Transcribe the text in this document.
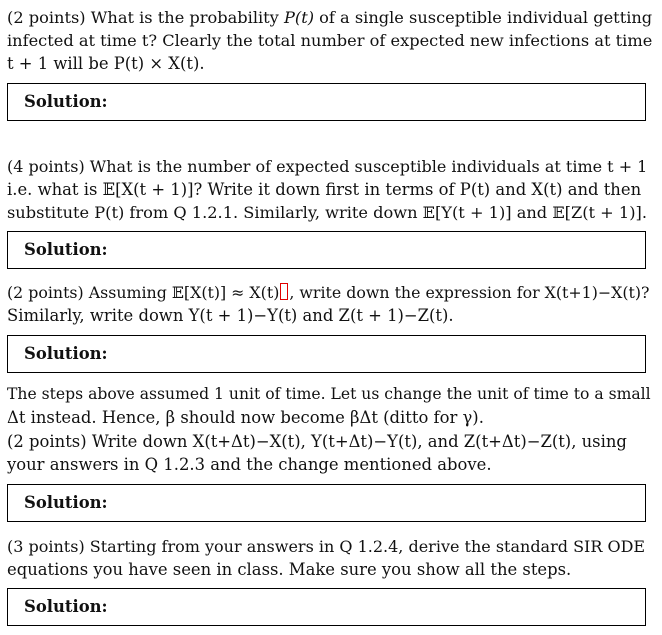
(2 points) What is the probability P(t) of a single susceptible individual getting
infected at time t? Clearly the total number of expected new infections at time
t + 1 will be P(t) × X(t).
Solution:
(4 points) What is the number of expected susceptible individuals at time t + 1
i.e. what is 𝔼[X(t + 1)]? Write it down first in terms of P(t) and X(t) and then
substitute P(t) from Q 1.2.1. Similarly, write down 𝔼[Y(t + 1)] and 𝔼[Z(t + 1)].
Solution:
(2 points) Assuming 𝔼[X(t)] ≈ X(t) , write down the expression for X(t+1)−X(t)?
Similarly, write down Y(t + 1)−Y(t) and Z(t + 1)−Z(t).
Solution:
The steps above assumed 1 unit of time. Let us change the unit of time to a small
Δt instead. Hence, β should now become βΔt (ditto for γ).
(2 points) Write down X(t+Δt)−X(t), Y(t+Δt)−Y(t), and Z(t+Δt)−Z(t), using
your answers in Q 1.2.3 and the change mentioned above.
Solution:
(3 points) Starting from your answers in Q 1.2.4, derive the standard SIR ODE
equations you have seen in class. Make sure you show all the steps.
Solution:
